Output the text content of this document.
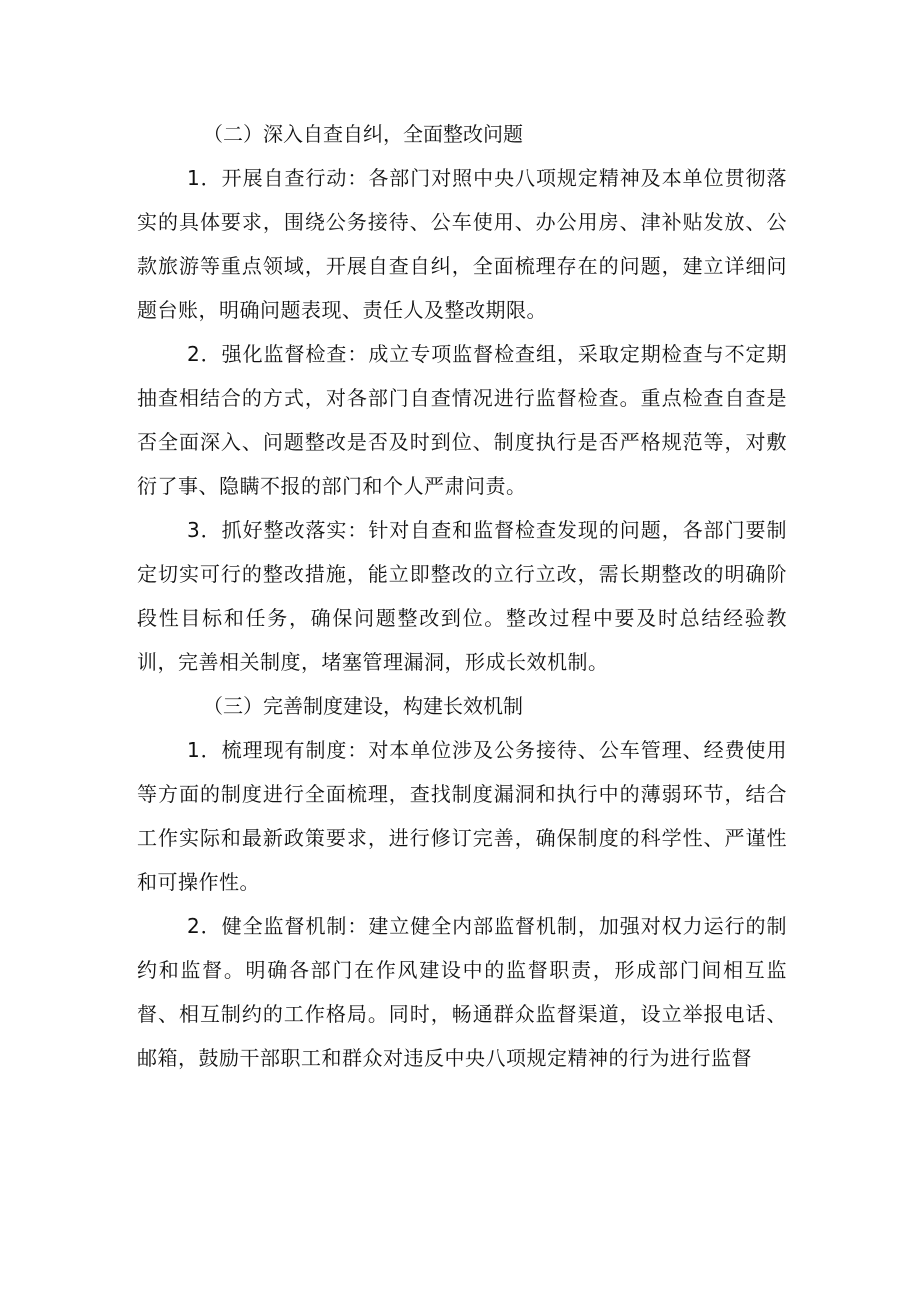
（二）深入自查自纠，全面整改问题

1．开展自查行动：各部门对照中央八项规定精神及本单位贯彻落实的具体要求，围绕公务接待、公车使用、办公用房、津补贴发放、公款旅游等重点领域，开展自查自纠，全面梳理存在的问题，建立详细问题台账，明确问题表现、责任人及整改期限。

2．强化监督检查：成立专项监督检查组，采取定期检查与不定期抽查相结合的方式，对各部门自查情况进行监督检查。重点检查自查是否全面深入、问题整改是否及时到位、制度执行是否严格规范等，对敷衍了事、隐瞒不报的部门和个人严肃问责。

3．抓好整改落实：针对自查和监督检查发现的问题，各部门要制定切实可行的整改措施，能立即整改的立行立改，需长期整改的明确阶段性目标和任务，确保问题整改到位。整改过程中要及时总结经验教训，完善相关制度，堵塞管理漏洞，形成长效机制。

（三）完善制度建设，构建长效机制

1．梳理现有制度：对本单位涉及公务接待、公车管理、经费使用等方面的制度进行全面梳理，查找制度漏洞和执行中的薄弱环节，结合工作实际和最新政策要求，进行修订完善，确保制度的科学性、严谨性和可操作性。

2．健全监督机制：建立健全内部监督机制，加强对权力运行的制约和监督。明确各部门在作风建设中的监督职责，形成部门间相互监督、相互制约的工作格局。同时，畅通群众监督渠道，设立举报电话、邮箱，鼓励干部职工和群众对违反中央八项规定精神的行为进行监督
